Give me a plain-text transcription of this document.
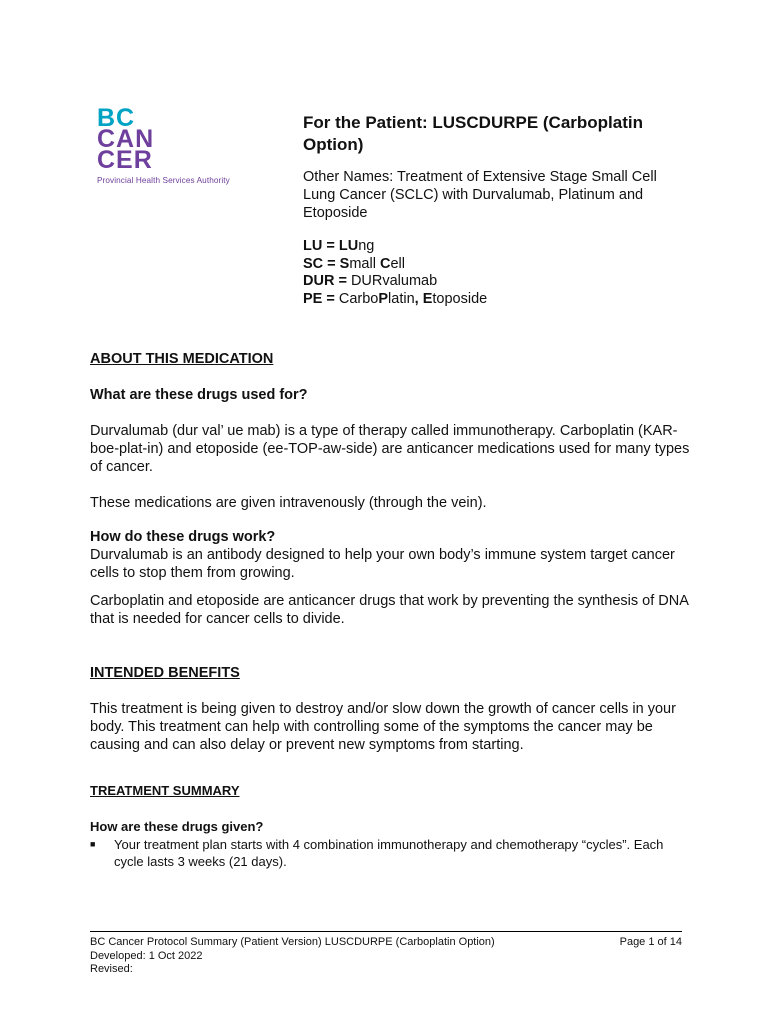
BC
CAN
CER
Provincial Health Services Authority
For the Patient: LUSCDURPE (Carboplatin Option)
Other Names: Treatment of Extensive Stage Small Cell Lung Cancer (SCLC) with Durvalumab, Platinum and Etoposide
LU = LUng
SC = Small Cell
DUR = DURvalumab
PE = CarboPlatin, Etoposide

ABOUT THIS MEDICATION

What are these drugs used for?

Durvalumab (dur val’ ue mab) is a type of therapy called immunotherapy. Carboplatin (KAR-boe-plat-in) and etoposide (ee-TOP-aw-side) are anticancer medications used for many types of cancer.

These medications are given intravenously (through the vein).

How do these drugs work?

Durvalumab is an antibody designed to help your own body’s immune system target cancer cells to stop them from growing.

Carboplatin and etoposide are anticancer drugs that work by preventing the synthesis of DNA that is needed for cancer cells to divide.

INTENDED BENEFITS

This treatment is being given to destroy and/or slow down the growth of cancer cells in your body. This treatment can help with controlling some of the symptoms the cancer may be causing and can also delay or prevent new symptoms from starting.

TREATMENT SUMMARY

How are these drugs given?

■ Your treatment plan starts with 4 combination immunotherapy and chemotherapy “cycles”. Each cycle lasts 3 weeks (21 days).
BC Cancer Protocol Summary (Patient Version) LUSCDURPE (Carboplatin Option)
Developed: 1 Oct 2022
Revised:
Page 1 of 14
